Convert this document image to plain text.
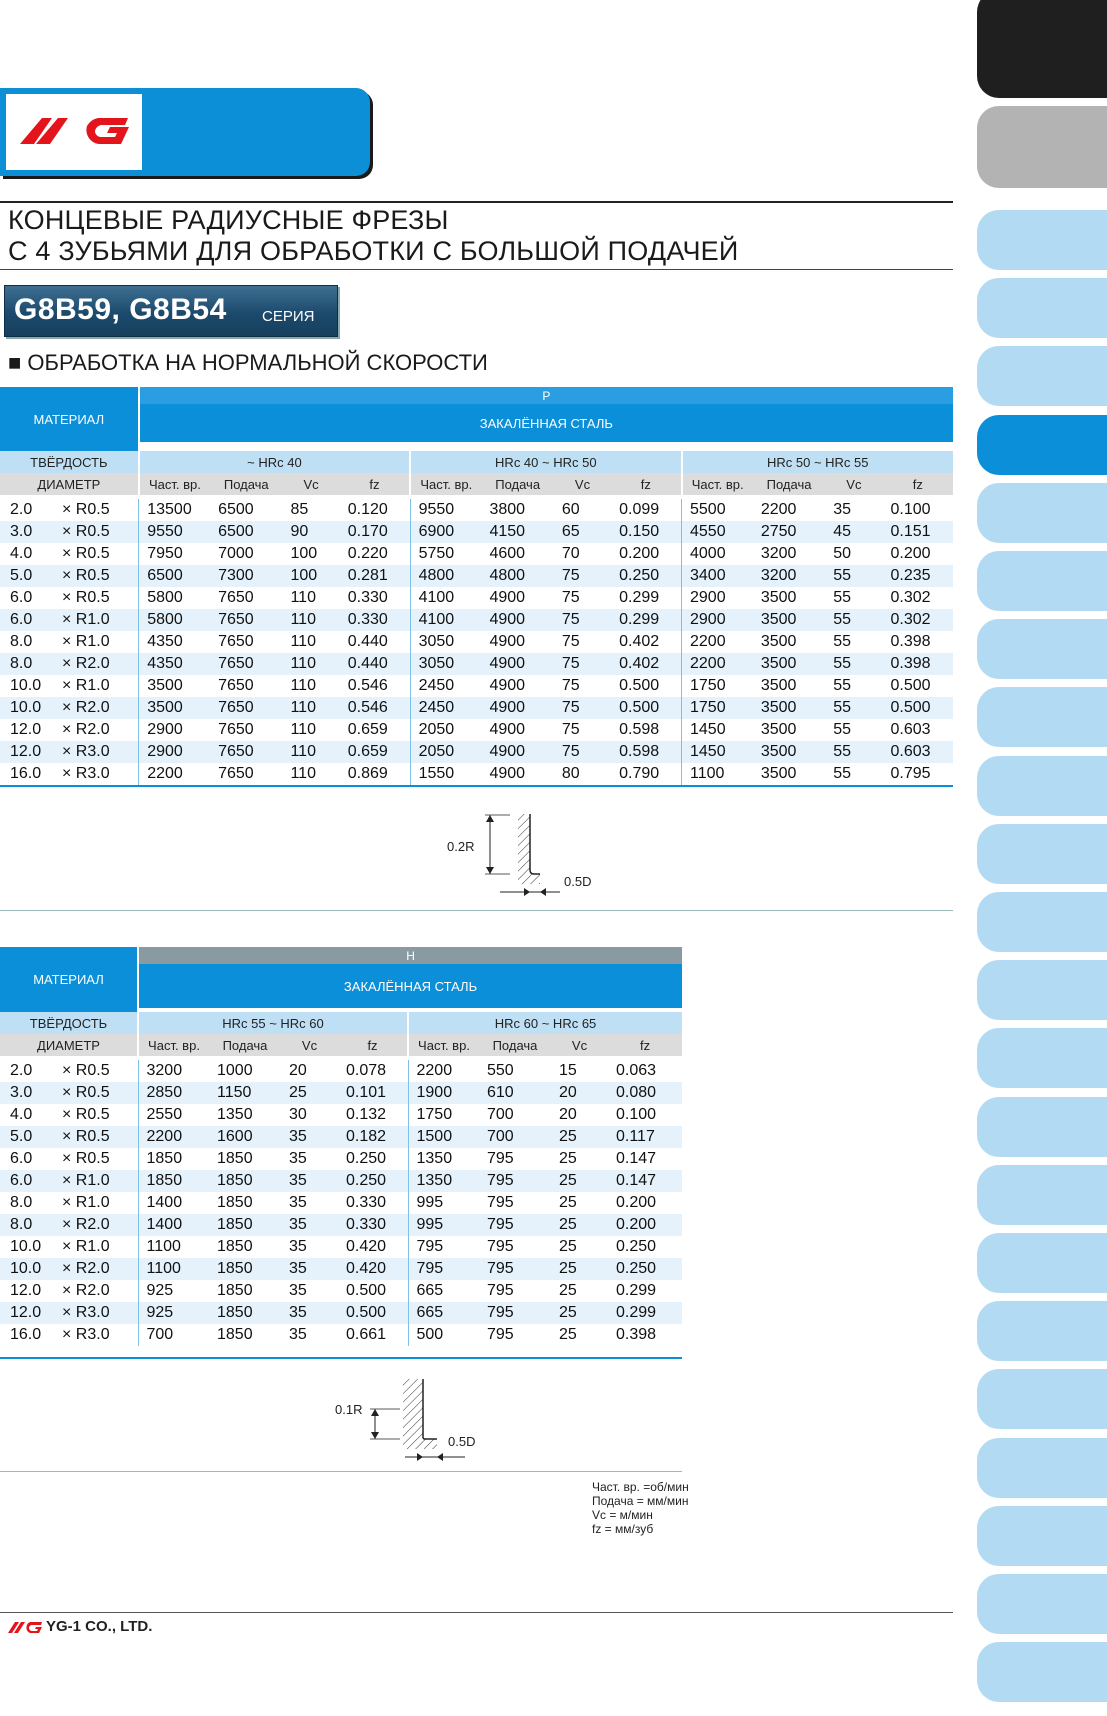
КОНЦЕВЫЕ РАДИУСНЫЕ ФРЕЗЫ
С 4 ЗУБЬЯМИ ДЛЯ ОБРАБОТКИ С БОЛЬШОЙ ПОДАЧЕЙ
G8B59, G8B54 СЕРИЯ
■ ОБРАБОТКА НА НОРМАЛЬНОЙ СКОРОСТИ
МАТЕРИАЛ	P											
	ЗАКАЛЁННАЯ СТАЛЬ											

ТВЁРДОСТЬ	~ HRc 40				HRc 40 ~ HRc 50				HRc 50 ~ HRc 55			
ДИАМЕТР	Част. вр.	Подача	Vc	fz	Част. вр.	Подача	Vc	fz	Част. вр.	Подача	Vc	fz

2.0 × R0.5	13500	6500	85	0.120	9550	3800	60	0.099	5500	2200	35	0.100
3.0 × R0.5	9550	6500	90	0.170	6900	4150	65	0.150	4550	2750	45	0.151
4.0 × R0.5	7950	7000	100	0.220	5750	4600	70	0.200	4000	3200	50	0.200
5.0 × R0.5	6500	7300	100	0.281	4800	4800	75	0.250	3400	3200	55	0.235
6.0 × R0.5	5800	7650	110	0.330	4100	4900	75	0.299	2900	3500	55	0.302
6.0 × R1.0	5800	7650	110	0.330	4100	4900	75	0.299	2900	3500	55	0.302
8.0 × R1.0	4350	7650	110	0.440	3050	4900	75	0.402	2200	3500	55	0.398
8.0 × R2.0	4350	7650	110	0.440	3050	4900	75	0.402	2200	3500	55	0.398
10.0 × R1.0	3500	7650	110	0.546	2450	4900	75	0.500	1750	3500	55	0.500
10.0 × R2.0	3500	7650	110	0.546	2450	4900	75	0.500	1750	3500	55	0.500
12.0 × R2.0	2900	7650	110	0.659	2050	4900	75	0.598	1450	3500	55	0.603
12.0 × R3.0	2900	7650	110	0.659	2050	4900	75	0.598	1450	3500	55	0.603
16.0 × R3.0	2200	7650	110	0.869	1550	4900	80	0.790	1100	3500	55	0.795
0.2R
0.5D
МАТЕРИАЛ	H							
	ЗАКАЛЁННАЯ СТАЛЬ							

ТВЁРДОСТЬ	HRc 55 ~ HRc 60				HRc 60 ~ HRc 65			
ДИАМЕТР	Част. вр.	Подача	Vc	fz	Част. вр.	Подача	Vc	fz

2.0 × R0.5	3200	1000	20	0.078	2200	550	15	0.063
3.0 × R0.5	2850	1150	25	0.101	1900	610	20	0.080
4.0 × R0.5	2550	1350	30	0.132	1750	700	20	0.100
5.0 × R0.5	2200	1600	35	0.182	1500	700	25	0.117
6.0 × R0.5	1850	1850	35	0.250	1350	795	25	0.147
6.0 × R1.0	1850	1850	35	0.250	1350	795	25	0.147
8.0 × R1.0	1400	1850	35	0.330	995	795	25	0.200
8.0 × R2.0	1400	1850	35	0.330	995	795	25	0.200
10.0 × R1.0	1100	1850	35	0.420	795	795	25	0.250
10.0 × R2.0	1100	1850	35	0.420	795	795	25	0.250
12.0 × R2.0	925	1850	35	0.500	665	795	25	0.299
12.0 × R3.0	925	1850	35	0.500	665	795	25	0.299
16.0 × R3.0	700	1850	35	0.661	500	795	25	0.398
0.1R
0.5D
Част. вр. =об/мин
Подача = мм/мин
Vc = м/мин
fz = мм/зуб
YG-1 CO., LTD.
